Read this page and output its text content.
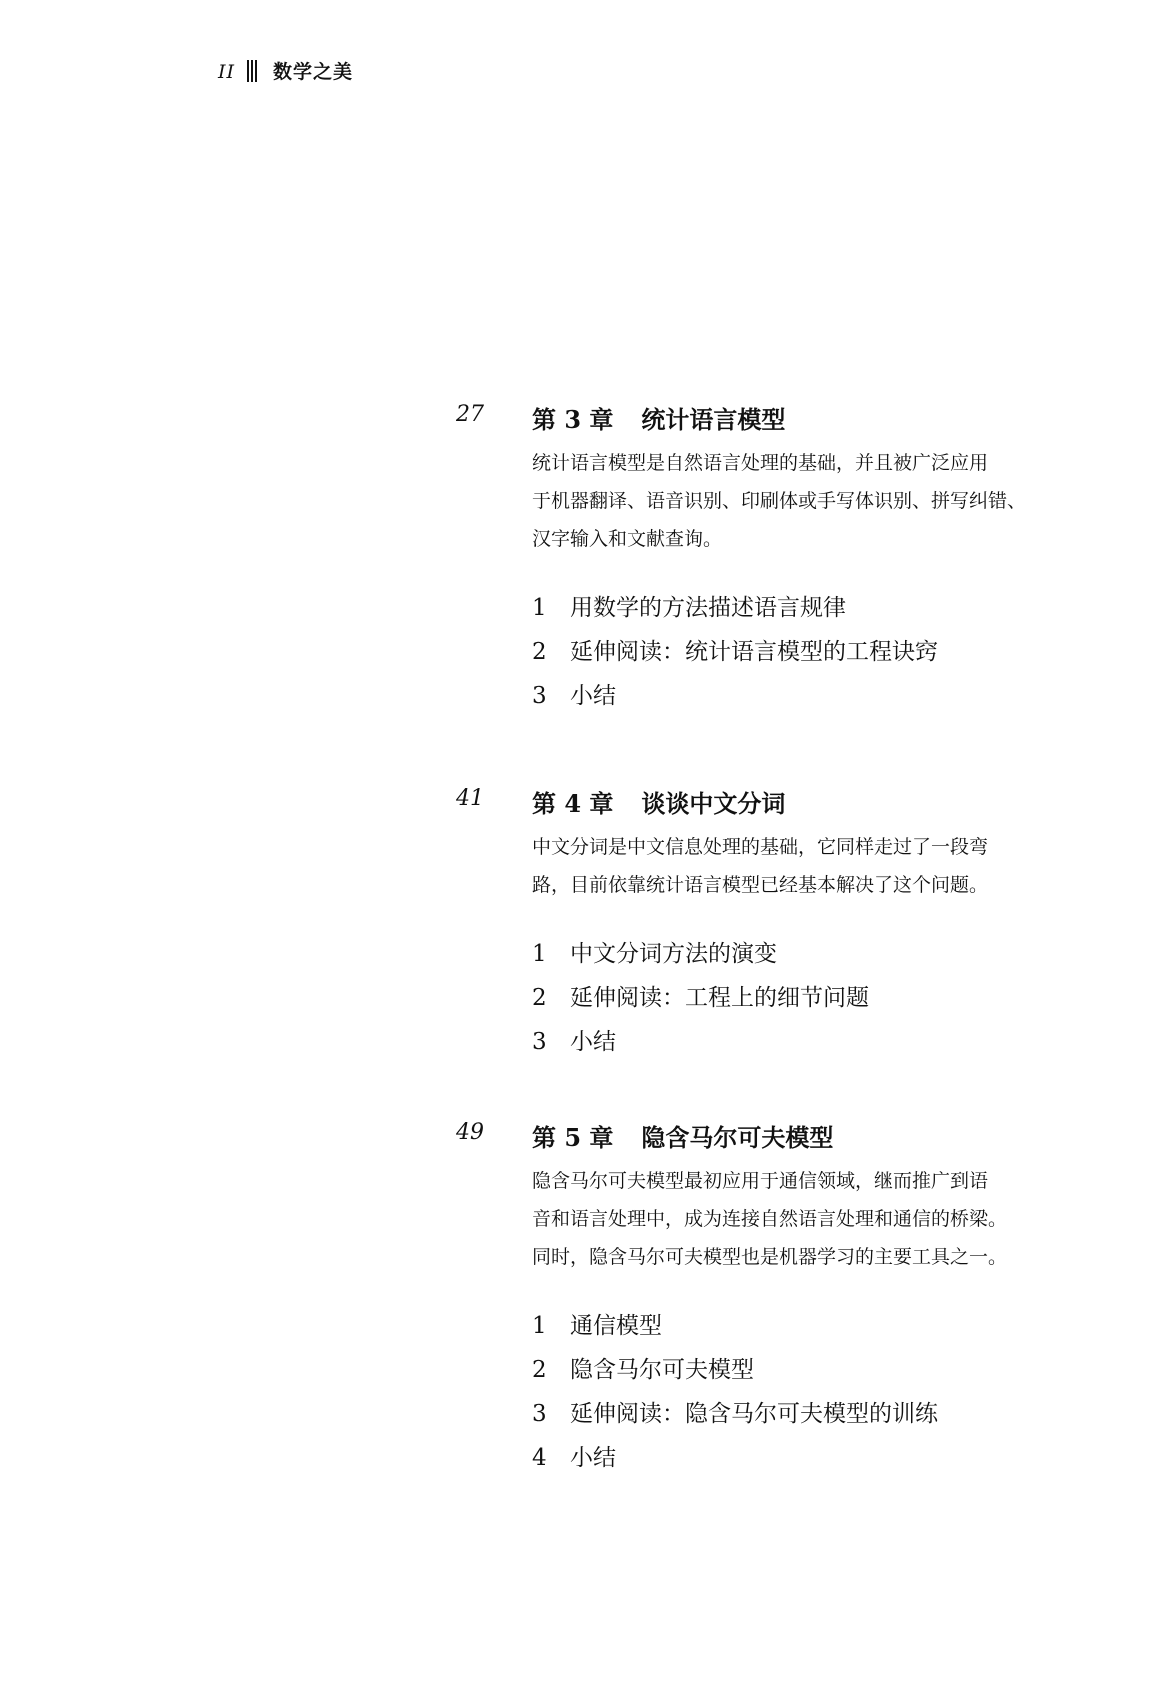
II 数学之美
27 第 3 章 统计语言模型
统计语言模型是自然语言处理的基础，并且被广泛应用
于机器翻译、语音识别、印刷体或手写体识别、拼写纠错、
汉字输入和文献查询。
1 用数学的方法描述语言规律
2 延伸阅读：统计语言模型的工程诀窍
3 小结
41 第 4 章 谈谈中文分词
中文分词是中文信息处理的基础，它同样走过了一段弯
路，目前依靠统计语言模型已经基本解决了这个问题。
1 中文分词方法的演变
2 延伸阅读：工程上的细节问题
3 小结
49 第 5 章 隐含马尔可夫模型
隐含马尔可夫模型最初应用于通信领域，继而推广到语
音和语言处理中，成为连接自然语言处理和通信的桥梁。
同时，隐含马尔可夫模型也是机器学习的主要工具之一。
1 通信模型
2 隐含马尔可夫模型
3 延伸阅读：隐含马尔可夫模型的训练
4 小结
